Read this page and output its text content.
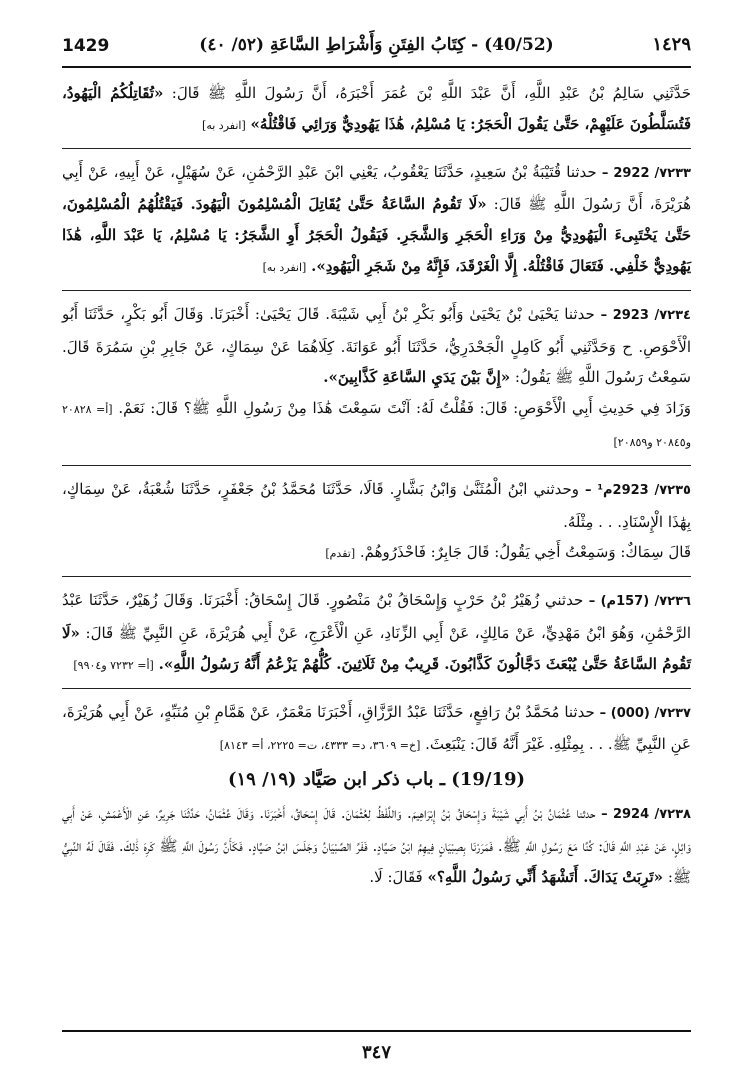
1429	(40/52) - كِتَابُ الفِتَنِ وَأَشْرَاطِ السَّاعَةِ (٥٢/ ٤٠)	١٤٢٩

حَدَّثَنِي سَالِمُ بْنُ عَبْدِ اللَّهِ، أَنَّ عَبْدَ اللَّهِ بْنَ عُمَرَ أَخْبَرَهُ، أَنَّ رَسُولَ اللَّهِ ﷺ قَالَ: «تُقَاتِلُكُمُ الْيَهُودُ، فَتُسَلَّطُونَ عَلَيْهِمْ، حَتَّىٰ يَقُولَ الْحَجَرُ: يَا مُسْلِمُ، هَٰذَا يَهُودِيٌّ وَرَائِي فَاقْتُلْهُ» [انفرد به]

٧٢٣٣/ 2922 – حدثنا قُتَيْبَةُ بْنُ سَعِيدٍ، حَدَّثَنَا يَعْقُوبُ، يَعْنِي ابْنَ عَبْدِ الرَّحْمَٰنِ، عَنْ سُهَيْلٍ، عَنْ أَبِيهِ، عَنْ أَبِي هُرَيْرَةَ، أَنَّ رَسُولَ اللَّهِ ﷺ قَالَ: «لَا تَقُومُ السَّاعَةُ حَتَّىٰ يُقَاتِلَ الْمُسْلِمُونَ الْيَهُودَ. فَيَقْتُلُهُمُ الْمُسْلِمُونَ، حَتَّىٰ يَخْتَبِىءَ الْيَهُودِيُّ مِنْ وَرَاءِ الْحَجَرِ وَالشَّجَرِ. فَيَقُولُ الْحَجَرُ أَوِ الشَّجَرُ: يَا مُسْلِمُ، يَا عَبْدَ اللَّهِ، هَٰذَا يَهُودِيٌّ خَلْفِي. فَتَعَالَ فَاقْتُلْهُ. إِلَّا الْغَرْقَدَ، فَإِنَّهُ مِنْ شَجَرِ الْيَهُودِ». [انفرد به]

٧٢٣٤/ 2923 – حدثنا يَحْيَىٰ بْنُ يَحْيَىٰ وَأَبُو بَكْرِ بْنُ أَبِي شَيْبَةَ. قَالَ يَحْيَىٰ: أَخْبَرَنَا. وَقَالَ أَبُو بَكْرٍ، حَدَّثَنَا أَبُو الْأَحْوَصِ. ح وَحَدَّثَنِي أَبُو كَامِلٍ الْجَحْدَرِيُّ، حَدَّثَنَا أَبُو عَوَانَةَ. كِلَاهُمَا عَنْ سِمَاكٍ، عَنْ جَابِرِ بْنِ سَمُرَةَ قَالَ. سَمِعْتُ رَسُولَ اللَّهِ ﷺ يَقُولُ: «إِنَّ بَيْنَ يَدَيِ السَّاعَةِ كَذَّابِينَ».

وَزَادَ فِي حَدِيثِ أَبِي الْأَحْوَصِ: قَالَ: فَقُلْتُ لَهُ: آنْتَ سَمِعْتَ هَٰذَا مِنْ رَسُولِ اللَّهِ ﷺ؟ قَالَ: نَعَمْ. [أ= ٢٠٨٢٨ و٢٠٨٤٥ و٢٠٨٥٩]

٧٢٣٥/ 2923م¹ – وحدثني ابْنُ الْمُثَنَّىٰ وَابْنُ بَشَّارٍ. قَالَا، حَدَّثَنَا مُحَمَّدُ بْنُ جَعْفَرٍ، حَدَّثَنَا شُعْبَةُ، عَنْ سِمَاكٍ، بِهَٰذَا الْإِسْنَادِ. . . مِثْلَهُ.

قَالَ سِمَاكٌ: وَسَمِعْتُ أَخِي يَقُولُ: قَالَ جَابِرٌ: فَاحْذَرُوهُمْ. [تقدم]

٧٢٣٦/ (157م) – حدثني زُهَيْرُ بْنُ حَرْبٍ وَإِسْحَاقُ بْنُ مَنْصُورٍ. قَالَ إِسْحَاقُ: أَخْبَرَنَا. وَقَالَ زُهَيْرٌ، حَدَّثَنَا عَبْدُ الرَّحْمَٰنِ، وَهُوَ ابْنُ مَهْدِيٍّ، عَنْ مَالِكٍ، عَنْ أَبِي الزِّنَادِ، عَنِ الْأَعْرَجِ، عَنْ أَبِي هُرَيْرَةَ، عَنِ النَّبِيِّ ﷺ قَالَ: «لَا تَقُومُ السَّاعَةُ حَتَّىٰ يُبْعَثَ دَجَّالُونَ كَذَّابُونَ. قَرِيبٌ مِنْ ثَلَاثِينَ. كُلُّهُمْ يَزْعُمُ أَنَّهُ رَسُولُ اللَّهِ». [أ= ٧٢٣٢ و٩٩٠٤]

٧٢٣٧/ (000) – حدثنا مُحَمَّدُ بْنُ رَافِعٍ، حَدَّثَنَا عَبْدُ الرَّزَّاقِ، أَخْبَرَنَا مَعْمَرٌ، عَنْ هَمَّامِ بْنِ مُنَبِّهٍ، عَنْ أَبِي هُرَيْرَةَ، عَنِ النَّبِيِّ ﷺ. . . بِمِثْلِهِ. غَيْرَ أَنَّهُ قَالَ: يَنْبَعِثَ. [خ= ٣٦٠٩، د= ٤٣٣٣، ت= ٢٢٢٥، أ= ٨١٤٣]

(19/19) ـ باب ذكر ابن صَيَّاد (١٩/ ١٩)

٧٢٣٨/ 2924 – حدثنا عُثْمَانُ بْنُ أَبِي شَيْبَةَ وَإِسْحَاقُ بْنُ إِبْرَاهِيمَ. وَاللَّفْظُ لِعُثْمَانَ. قَالَ إِسْحَاقُ، أَخْبَرَنَا. وَقَالَ عُثْمَانُ، حَدَّثَنَا جَرِيرٌ، عَنِ الْأَعْمَشِ، عَنْ أَبِي وَائِلٍ، عَنْ عَبْدِ اللَّهِ قَالَ: كُنَّا مَعَ رَسُولِ اللَّهِ ﷺ. فَمَرَرْنَا بِصِبْيَانٍ فِيهِمُ ابْنُ صَيَّادٍ. فَفَرَّ الصِّبْيَانُ وَجَلَسَ ابْنُ صَيَّادٍ. فَكَأَنَّ رَسُولَ اللَّهِ ﷺ كَرِهَ ذَٰلِكَ. فَقَالَ لَهُ النَّبِيُّ ﷺ: «تَرِبَتْ يَدَاكَ. أَتَشْهَدُ أَنِّي رَسُولُ اللَّهِ؟» فَقَالَ: لَا.

٣٤٧
